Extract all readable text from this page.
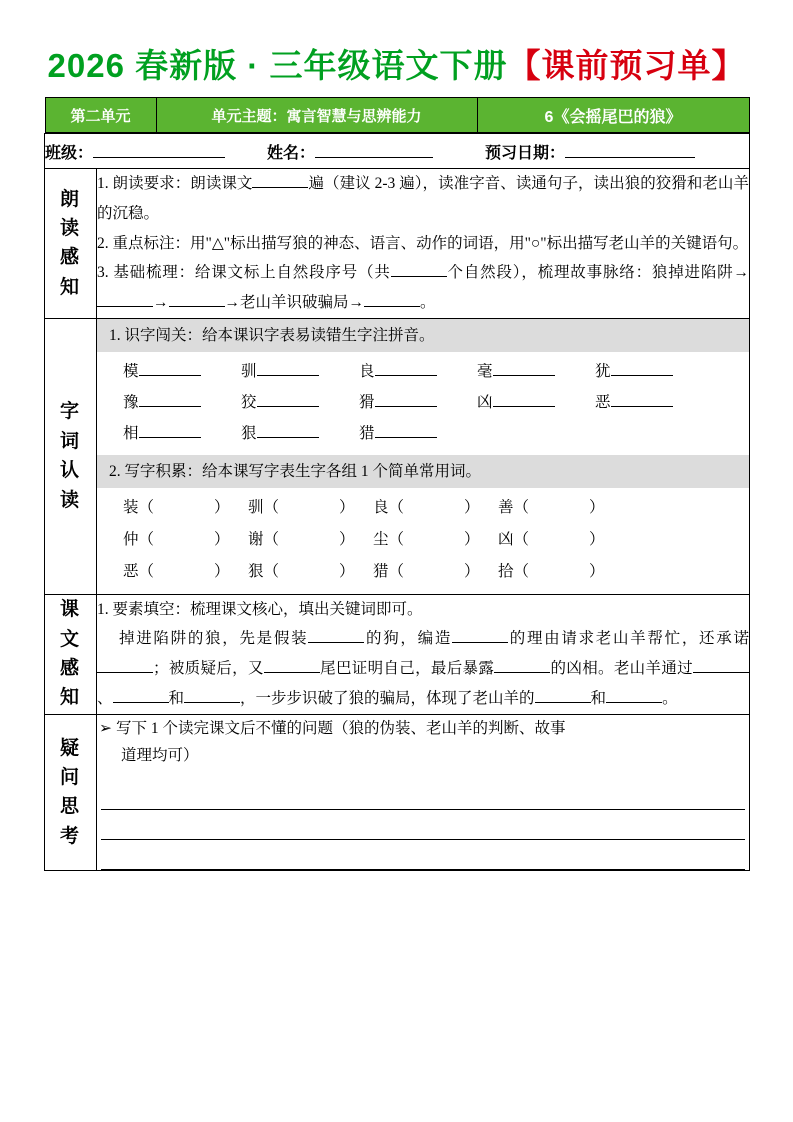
2026 春新版 · 三年级语文下册【课前预习单】
第二单元	单元主题：寓言智慧与思辨能力	6《会摇尾巴的狼》

班级：	姓名：	预习日期：

朗
读
感
知

1. 朗读要求：朗读课文	遍（建议 2-3 遍），读准字音、读通句子，读出狼的狡猾和老山羊的沉稳。
2. 重点标注：用"△"标出描写狼的神态、语言、动作的词语，用"○"标出描写老山羊的关键语句。
3. 基础梳理：给课文标上自然段序号（共	个自然段），梳理故事脉络：狼掉进陷阱→→	→老山羊识破骗局→	。

字
词
认
读

1. 识字闯关：给本课识字表易读错生字注拼音。
模	驯	良	毫	犹
豫	狡	猾	凶	恶
相	狠	猎
2. 写字积累：给本课写字表生字各组 1 个简单常用词。
装（	）	驯（	）	良（	）	善（	）
仲（	）	谢（	）	尘（	）	凶（	）
恶（	）	狠（	）	猎（	）	拾（	）

课
文
感
知

1. 要素填空：梳理课文核心，填出关键词即可。
掉进陷阱的狼，先是假装	的狗，编造	的理由请求老山羊帮忙，还承诺；被质疑后，又	尾巴证明自己，最后暴露	的凶相。老山羊通过、	和	，一步步识破了狼的骗局，体现了老山羊的	和	。

疑
问
思
考

➢ 写下 1 个读完课文后不懂的问题（狼的伪装、老山羊的判断、故事
道理均可）
